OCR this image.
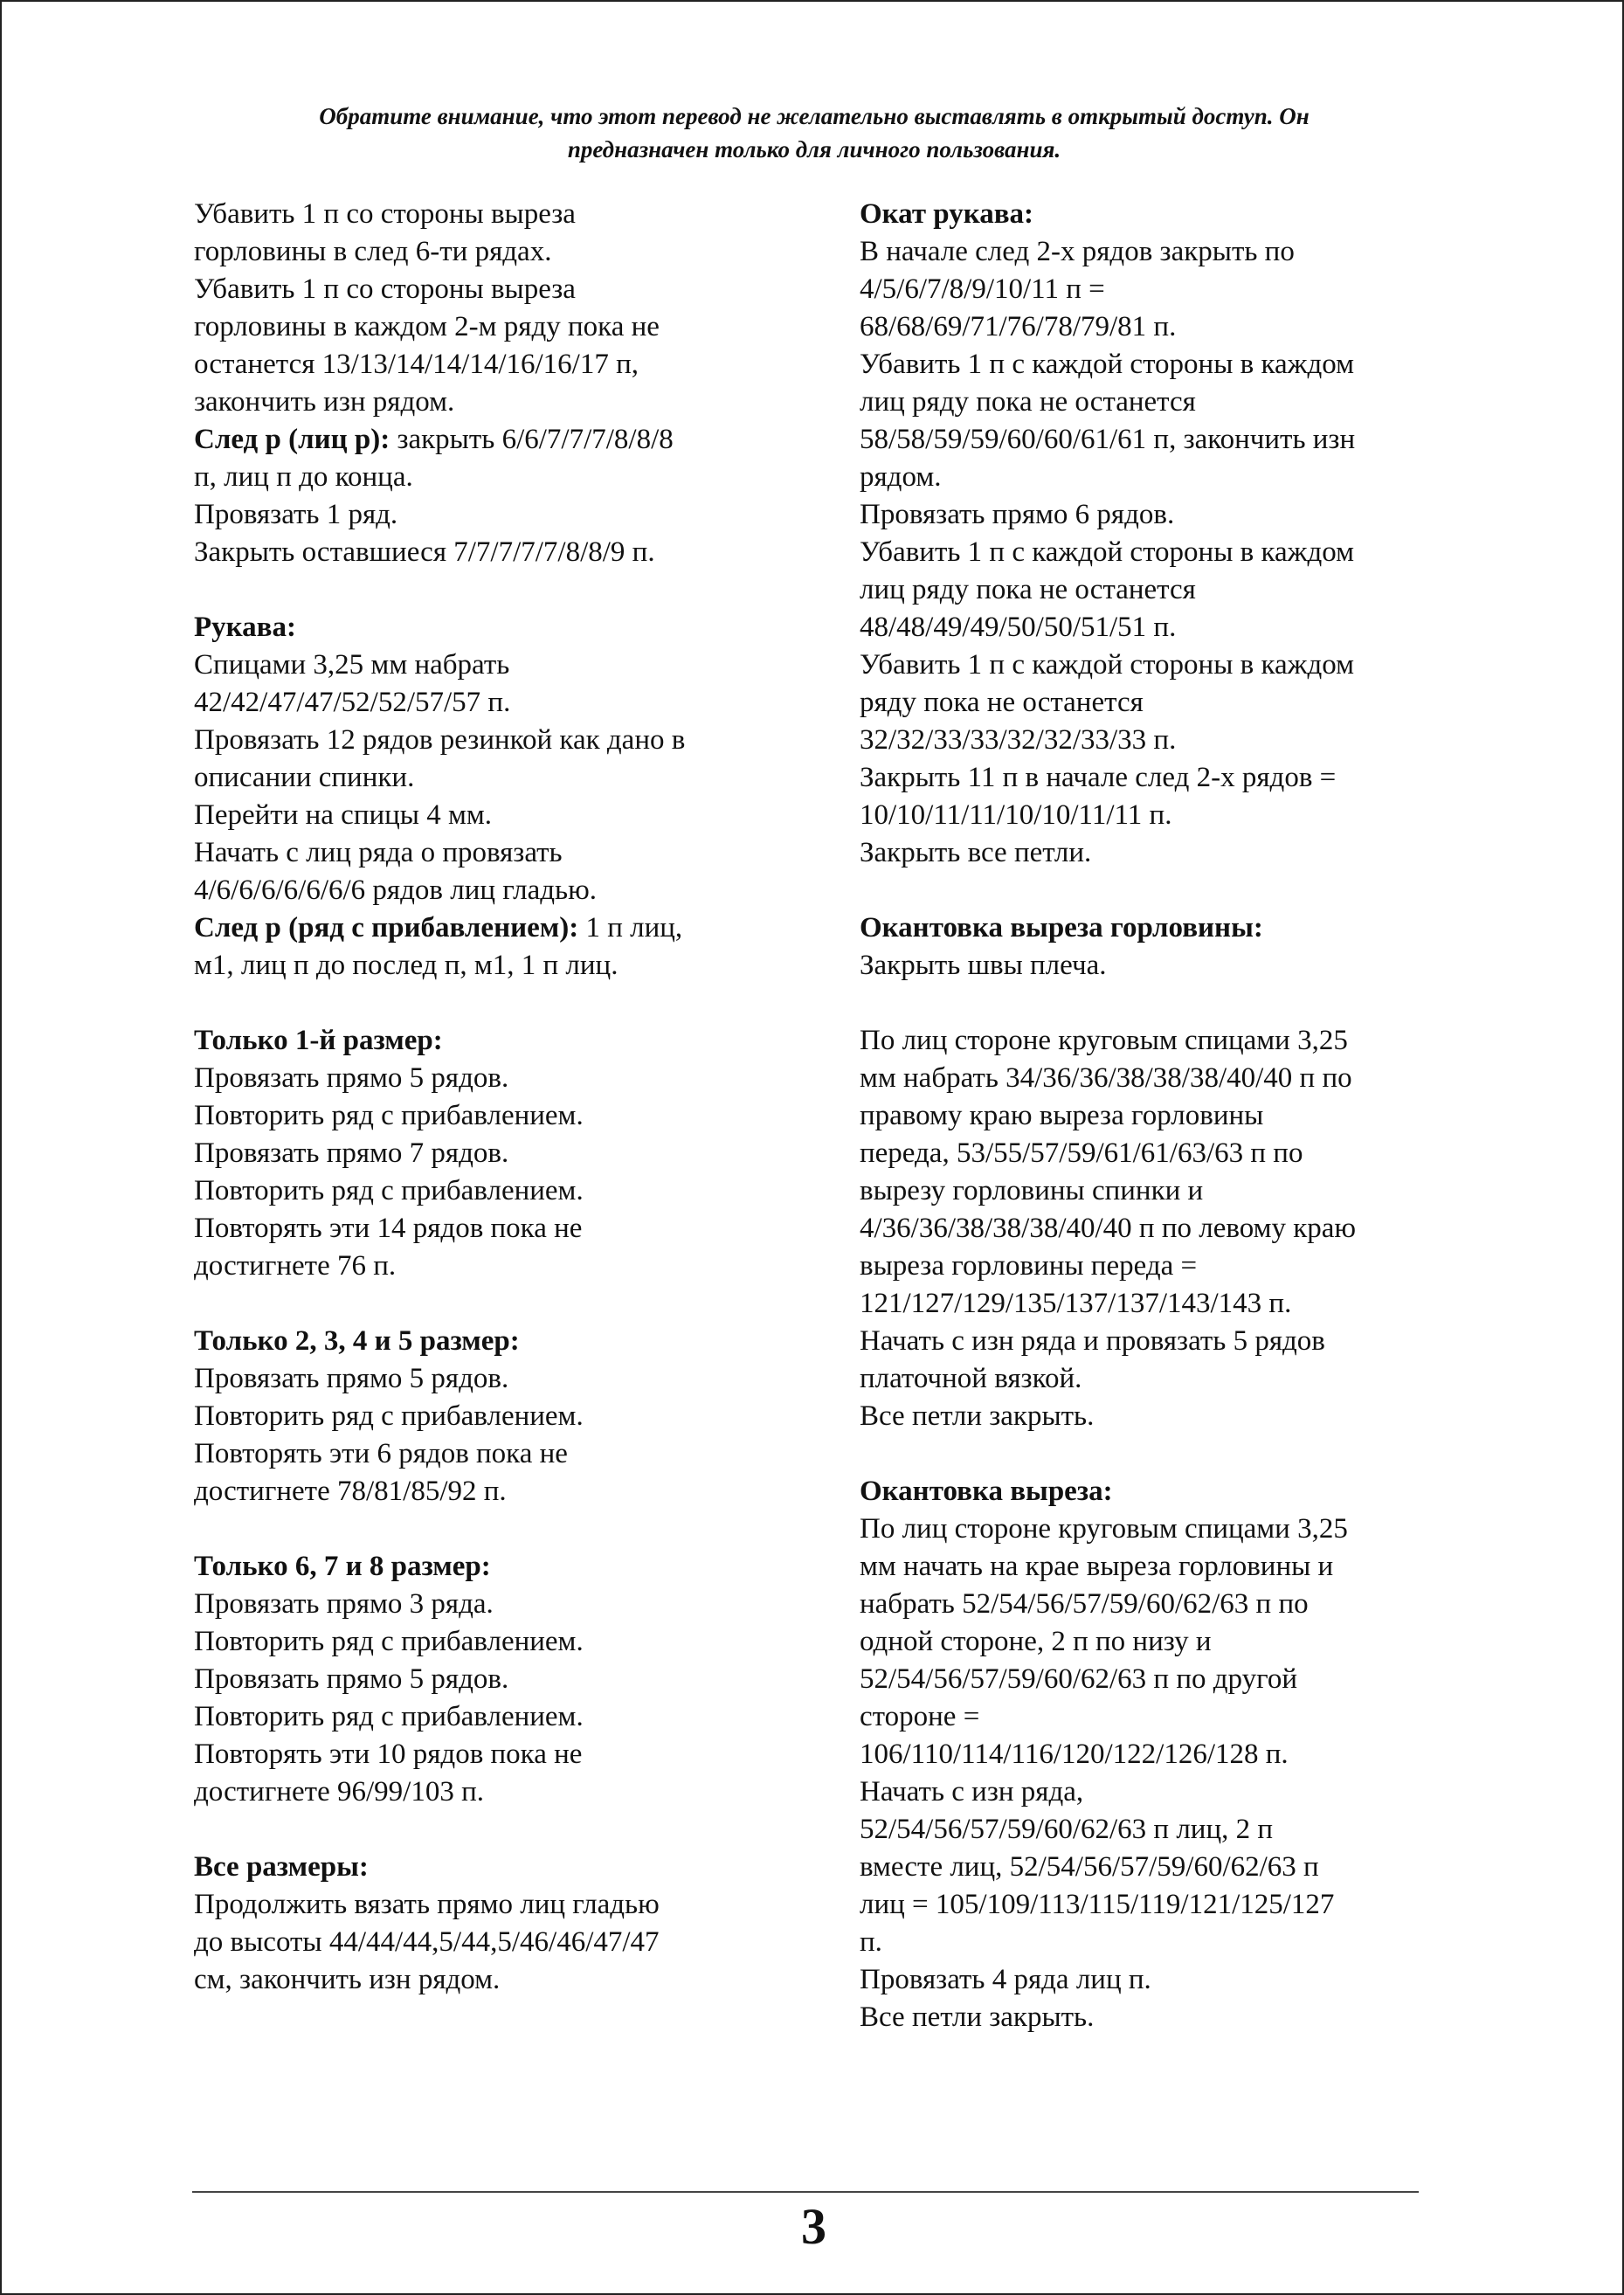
Обратите внимание, что этот перевод не желательно выставлять в открытый доступ. Он
предназначен только для личного пользования.
Убавить 1 п со стороны выреза
горловины в след 6-ти рядах.
Убавить 1 п со стороны выреза
горловины в каждом 2-м ряду пока не
останется 13/13/14/14/14/16/16/17 п,
закончить изн рядом.
След р (лиц р): закрыть 6/6/7/7/7/8/8/8
п, лиц п до конца.
Провязать 1 ряд.
Закрыть оставшиеся 7/7/7/7/7/8/8/9 п.
Рукава:
Спицами 3,25 мм набрать
42/42/47/47/52/52/57/57 п.
Провязать 12 рядов резинкой как дано в
описании спинки.
Перейти на спицы 4 мм.
Начать с лиц ряда о провязать
4/6/6/6/6/6/6/6 рядов лиц гладью.
След р (ряд с прибавлением): 1 п лиц,
м1, лиц п до послед п, м1, 1 п лиц.
Только 1-й размер:
Провязать прямо 5 рядов.
Повторить ряд с прибавлением.
Провязать прямо 7 рядов.
Повторить ряд с прибавлением.
Повторять эти 14 рядов пока не
достигнете 76 п.
Только 2, 3, 4 и 5 размер:
Провязать прямо 5 рядов.
Повторить ряд с прибавлением.
Повторять эти 6 рядов пока не
достигнете 78/81/85/92 п.
Только 6, 7 и 8 размер:
Провязать прямо 3 ряда.
Повторить ряд с прибавлением.
Провязать прямо 5 рядов.
Повторить ряд с прибавлением.
Повторять эти 10 рядов пока не
достигнете 96/99/103 п.
Все размеры:
Продолжить вязать прямо лиц гладью
до высоты 44/44/44,5/44,5/46/46/47/47
см, закончить изн рядом.
Окат рукава:
В начале след 2-х рядов закрыть по
4/5/6/7/8/9/10/11 п =
68/68/69/71/76/78/79/81 п.
Убавить 1 п с каждой стороны в каждом
лиц ряду пока не останется
58/58/59/59/60/60/61/61 п, закончить изн
рядом.
Провязать прямо 6 рядов.
Убавить 1 п с каждой стороны в каждом
лиц ряду пока не останется
48/48/49/49/50/50/51/51 п.
Убавить 1 п с каждой стороны в каждом
ряду пока не останется
32/32/33/33/32/32/33/33 п.
Закрыть 11 п в начале след 2-х рядов =
10/10/11/11/10/10/11/11 п.
Закрыть все петли.
Окантовка выреза горловины:
Закрыть швы плеча.
По лиц стороне круговым спицами 3,25
мм набрать 34/36/36/38/38/38/40/40 п по
правому краю выреза горловины
переда, 53/55/57/59/61/61/63/63 п по
вырезу горловины спинки и
4/36/36/38/38/38/40/40 п по левому краю
выреза горловины переда =
121/127/129/135/137/137/143/143 п.
Начать с изн ряда и провязать 5 рядов
платочной вязкой.
Все петли закрыть.
Окантовка выреза:
По лиц стороне круговым спицами 3,25
мм начать на крае выреза горловины и
набрать 52/54/56/57/59/60/62/63 п по
одной стороне, 2 п по низу и
52/54/56/57/59/60/62/63 п по другой
стороне =
106/110/114/116/120/122/126/128 п.
Начать с изн ряда,
52/54/56/57/59/60/62/63 п лиц, 2 п
вместе лиц, 52/54/56/57/59/60/62/63 п
лиц = 105/109/113/115/119/121/125/127
п.
Провязать 4 ряда лиц п.
Все петли закрыть.
3
